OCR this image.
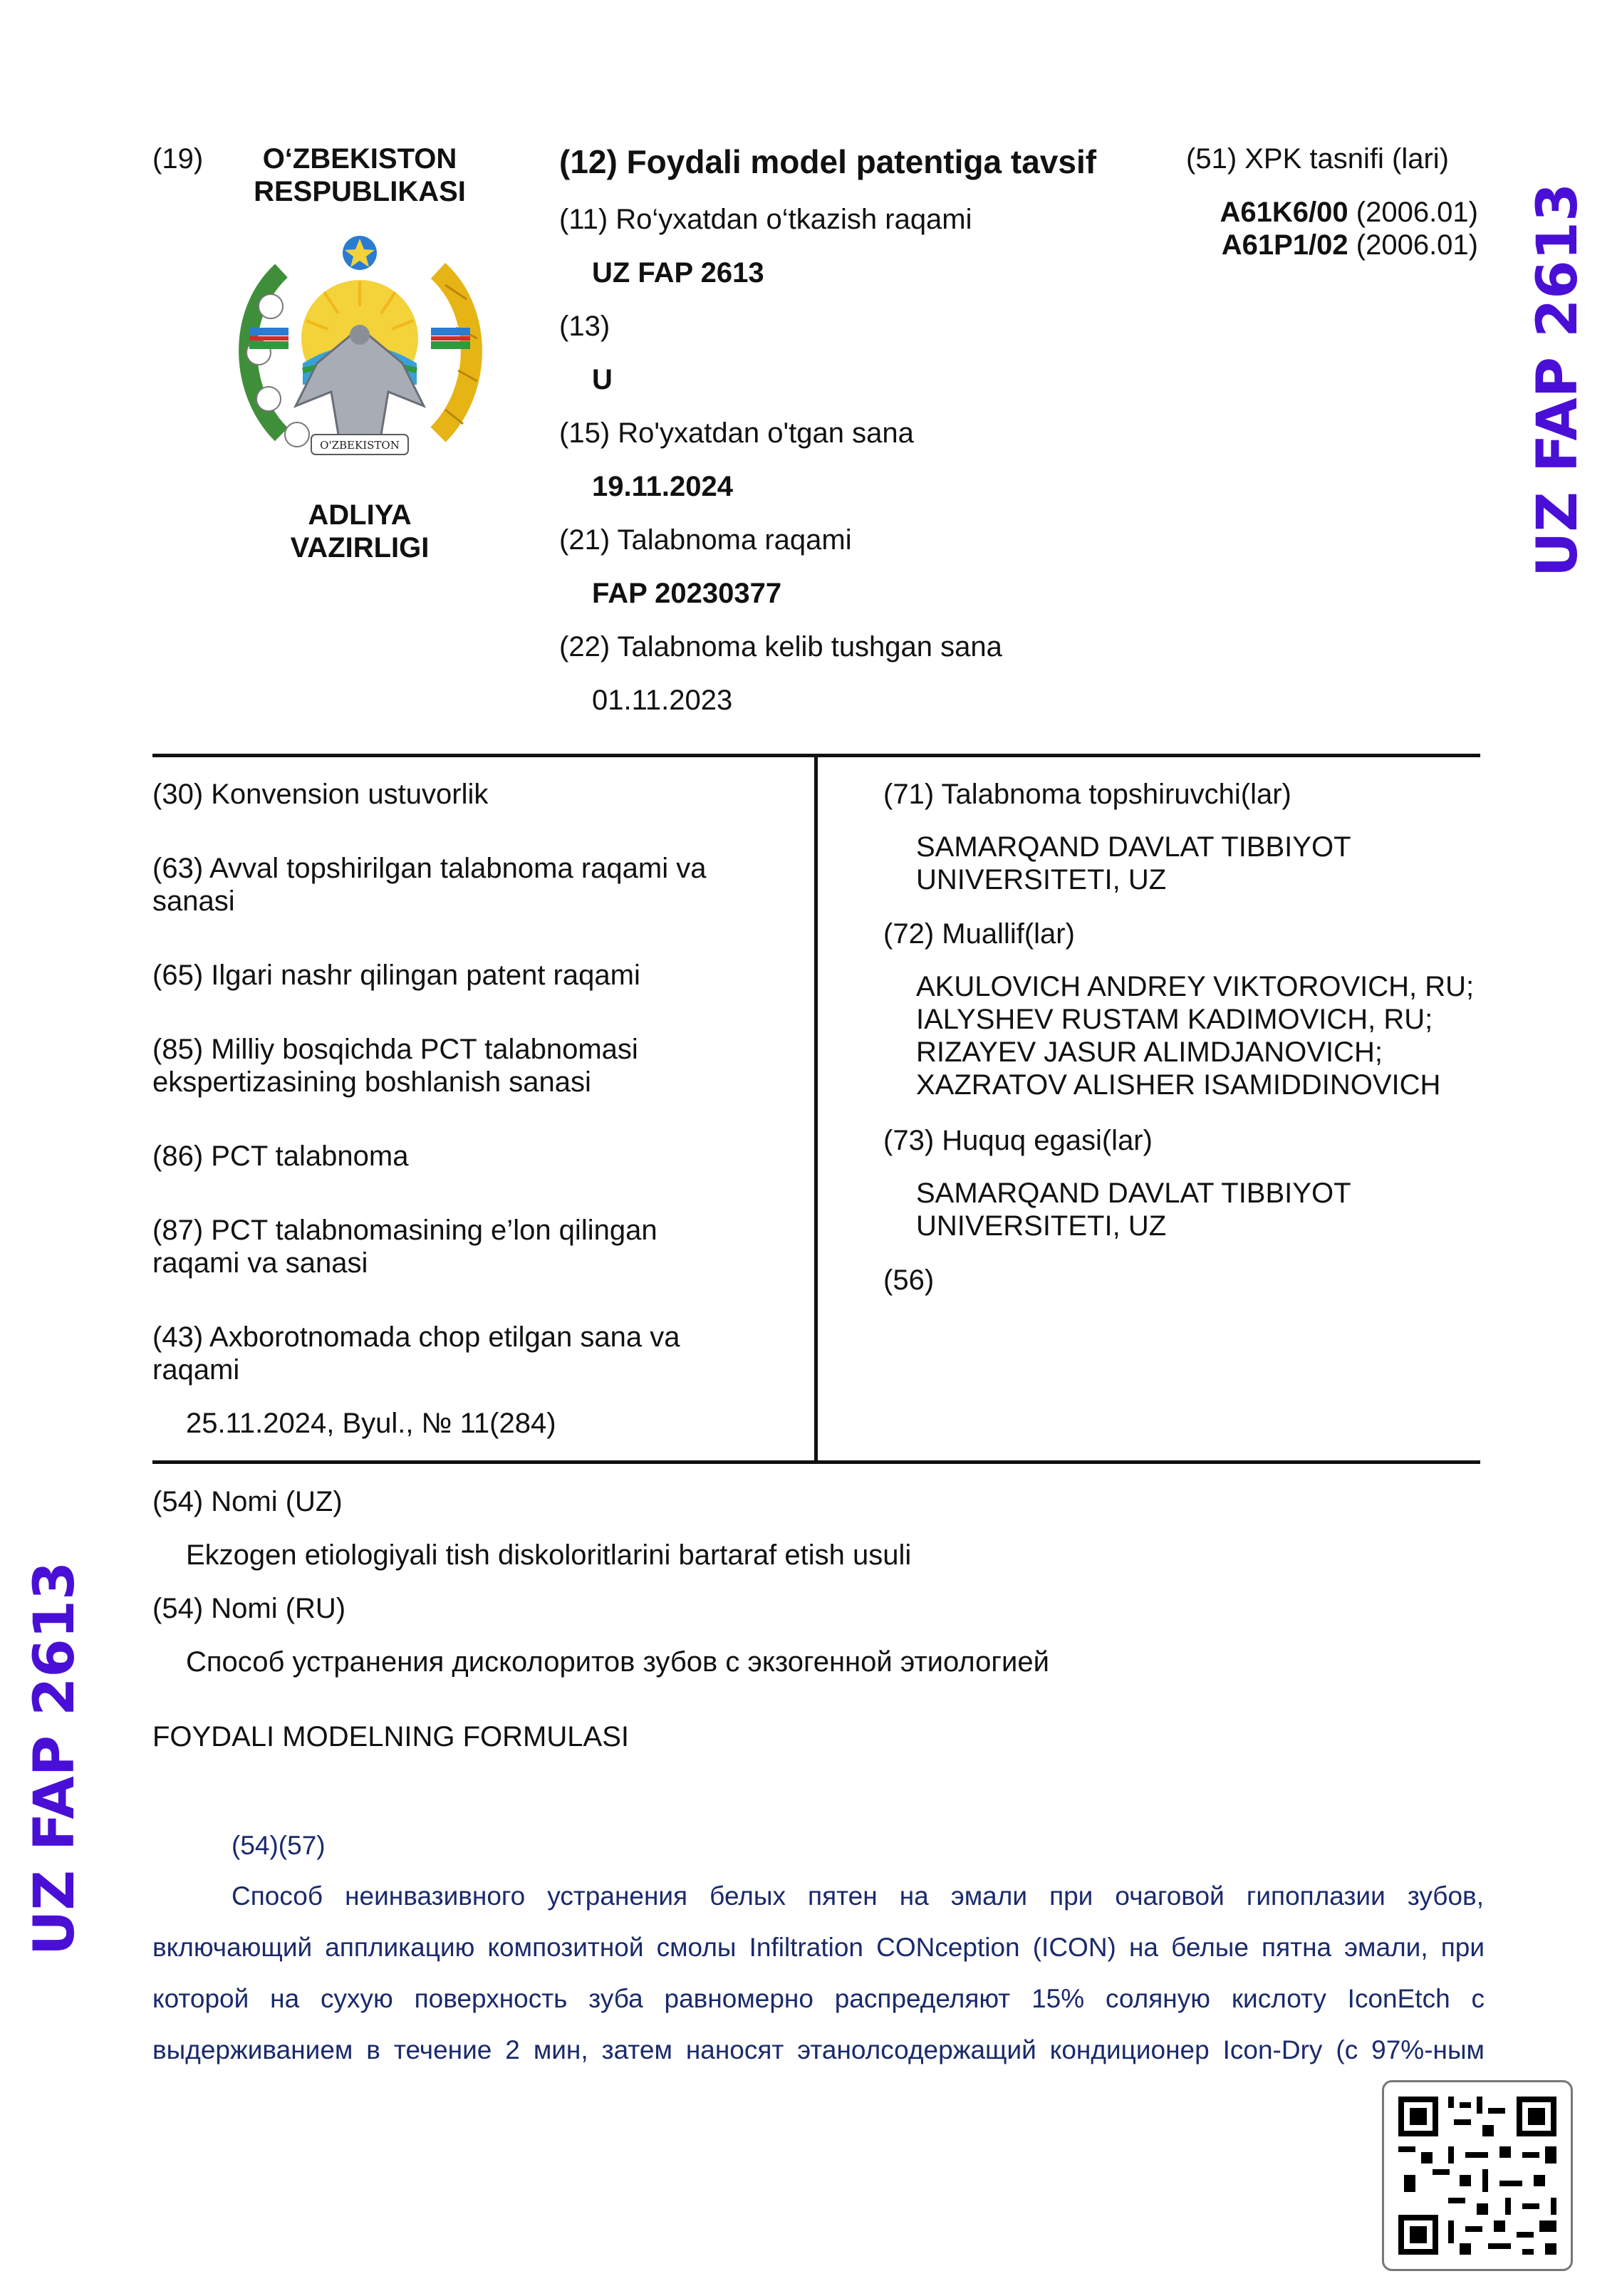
UZ FAP 2613
UZ FAP 2613
(19)	O‘ZBEKISTON
RESPUBLIKASI
O'ZBEKISTON
ADLIYA
VAZIRLIGI
(12) Foydali model patentiga tavsif
(11) Ro‘yxatdan o‘tkazish raqami
UZ FAP 2613
(13)
U
(15) Ro'yxatdan o'tgan sana
19.11.2024
(21) Talabnoma raqami
FAP 20230377
(22) Talabnoma kelib tushgan sana
01.11.2023
(51) XPK tasnifi (lari)
A61K6/00 (2006.01)
A61P1/02 (2006.01)
(30) Konvension ustuvorlik
(63) Avval topshirilgan talabnoma raqami va sanasi
(65) Ilgari nashr qilingan patent raqami
(85) Milliy bosqichda PCT talabnomasi ekspertizasining boshlanish sanasi
(86) PCT talabnoma
(87) PCT talabnomasining e’lon qilingan raqami va sanasi
(43) Axborotnomada chop etilgan sana va raqami
25.11.2024, Byul., № 11(284)
(71) Talabnoma topshiruvchi(lar)
SAMARQAND DAVLAT TIBBIYOT UNIVERSITETI, UZ
(72) Muallif(lar)
AKULOVICH ANDREY VIKTOROVICH, RU; IALYSHEV RUSTAM KADIMOVICH, RU; RIZAYEV JASUR ALIMDJANOVICH; XAZRATOV ALISHER ISAMIDDINOVICH
(73) Huquq egasi(lar)
SAMARQAND DAVLAT TIBBIYOT UNIVERSITETI, UZ
(56)
(54) Nomi (UZ)
Ekzogen etiologiyali tish diskoloritlarini bartaraf etish usuli
(54) Nomi (RU)
Способ устранения дисколоритов зубов с экзогенной этиологией
FOYDALI MODELNING FORMULASI
(54)(57)
Способ неинвазивного устранения белых пятен на эмали при очаговой гипоплазии зубов,
включающий аппликацию композитной смолы Infiltration CONception (ICON) на белые пятна эмали, при
которой на сухую поверхность зуба равномерно распределяют 15% соляную кислоту IconEtch с
выдерживанием в течение 2 мин, затем наносят этанолсодержащий кондиционер Icon-Dry (с 97%-ным
